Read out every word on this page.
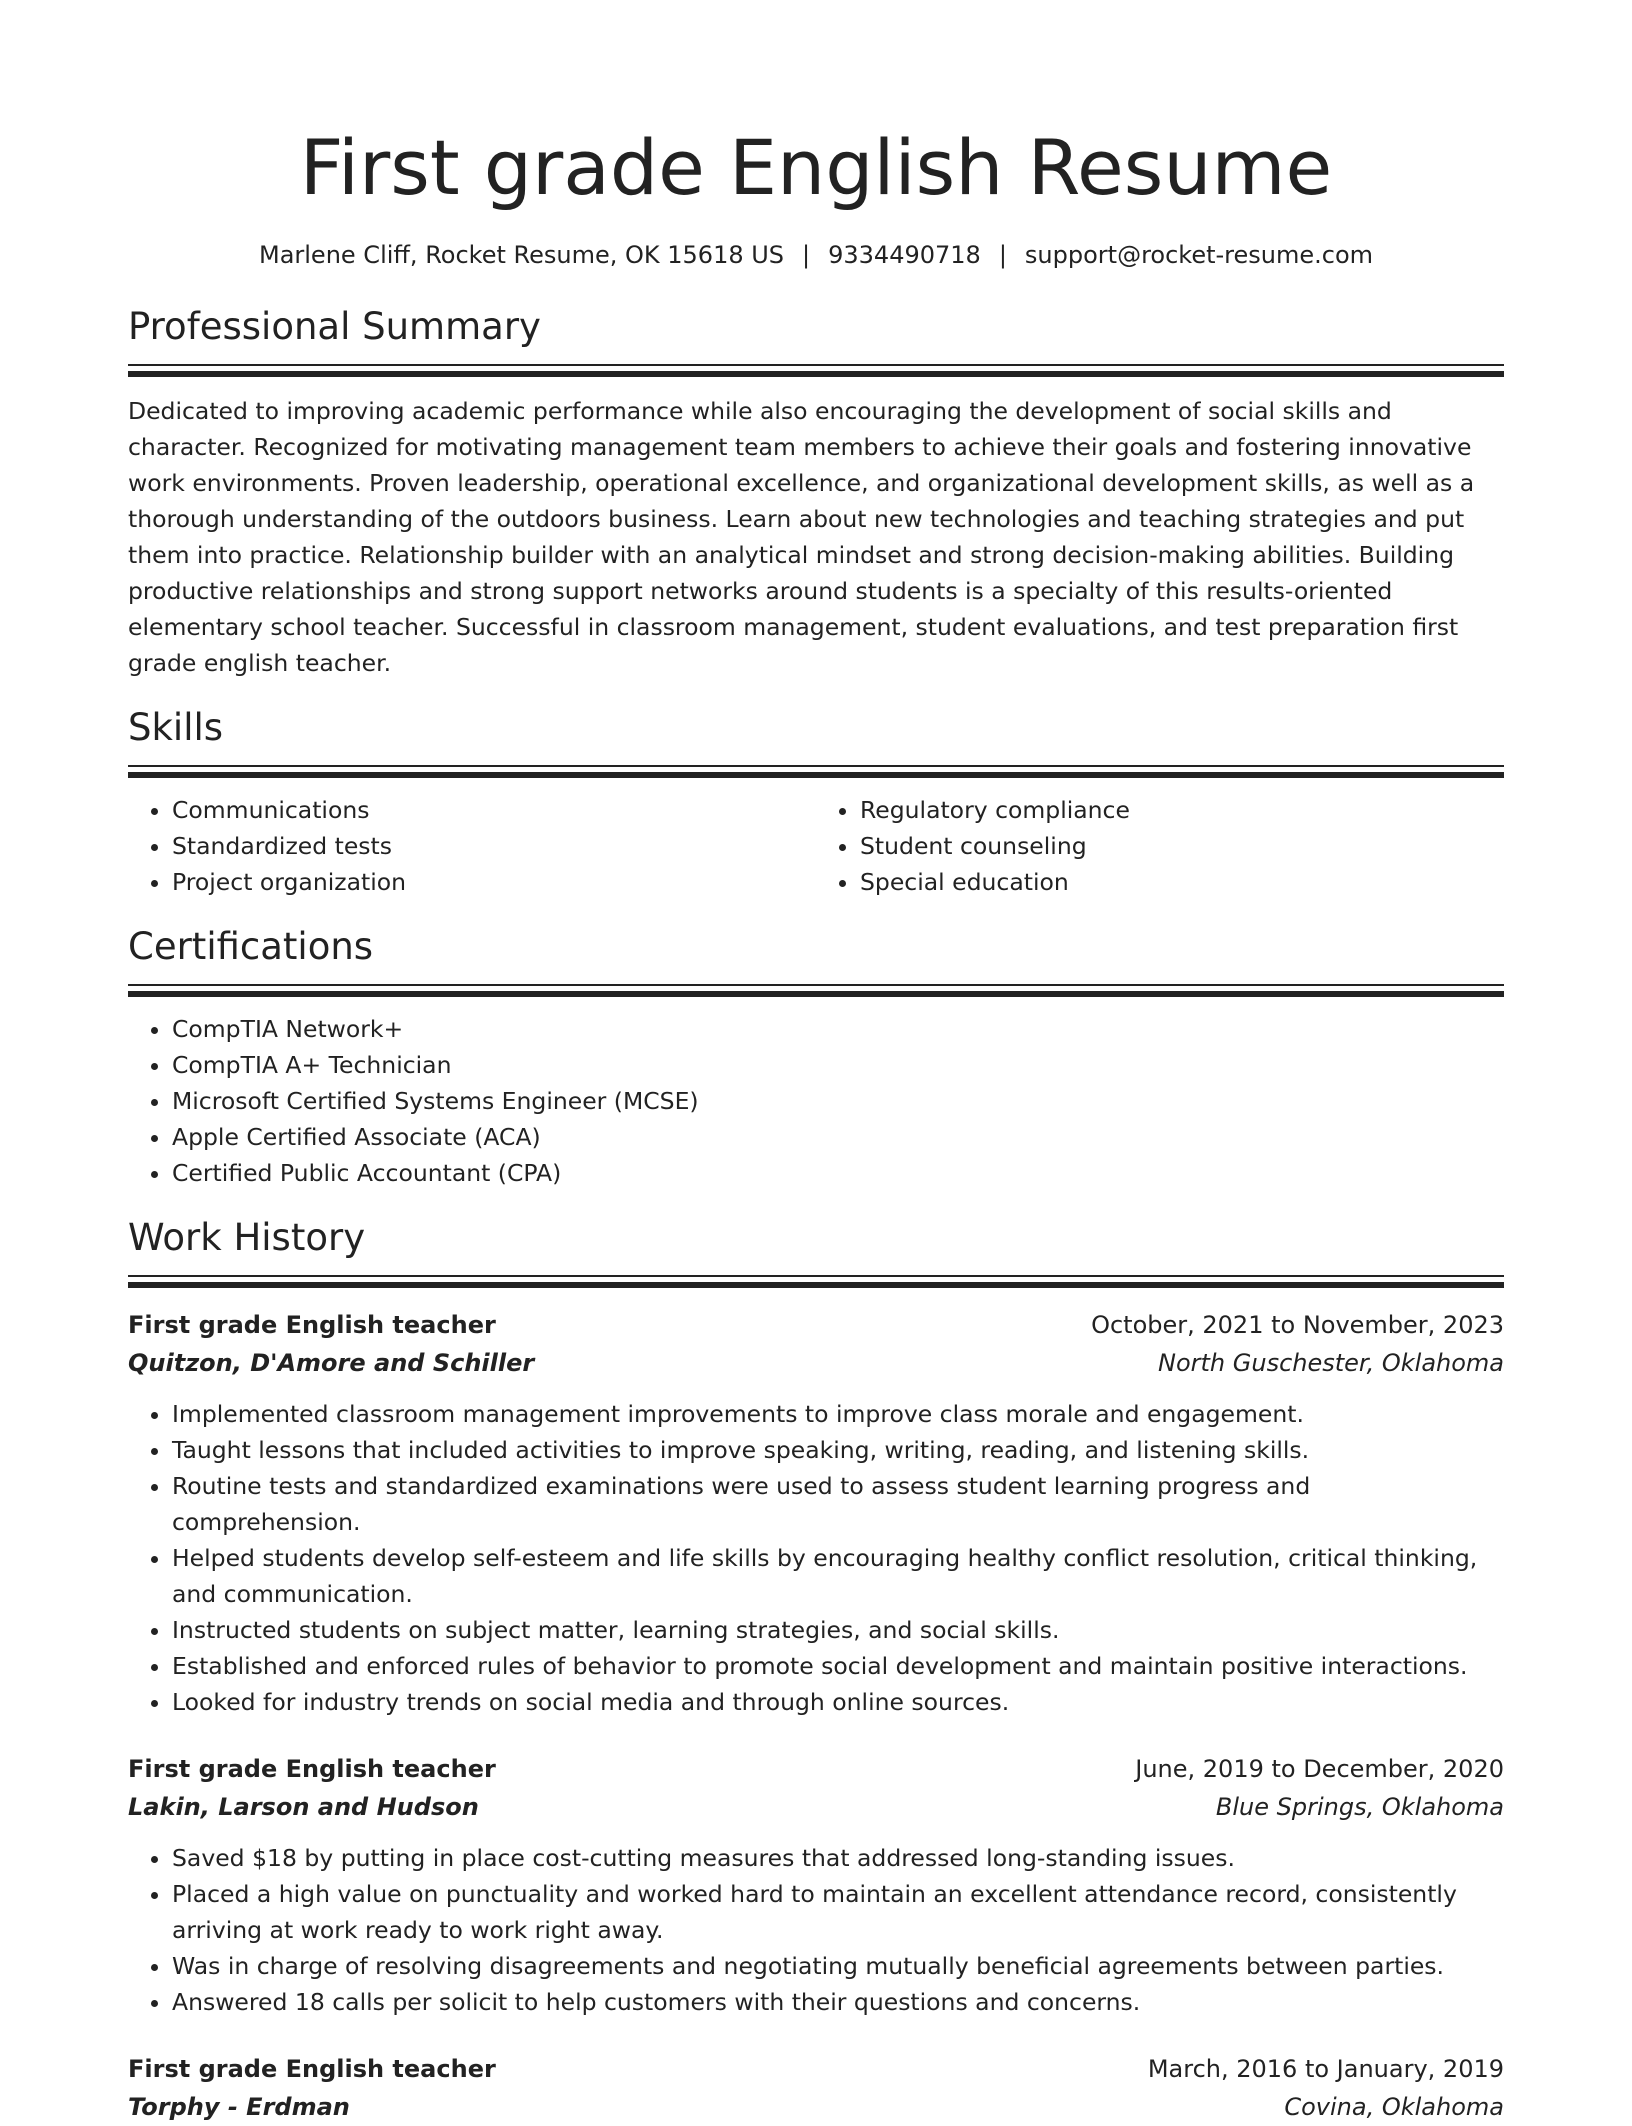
First grade English Resume
Marlene Cliff, Rocket Resume, OK 15618 US | 9334490718 | support@rocket-resume.com
Professional Summary

Dedicated to improving academic performance while also encouraging the development of social skills and character. Recognized for motivating management team members to achieve their goals and fostering innovative work environments. Proven leadership, operational excellence, and organizational development skills, as well as a thorough understanding of the outdoors business. Learn about new technologies and teaching strategies and put them into practice. Relationship builder with an analytical mindset and strong decision-making abilities. Building productive relationships and strong support networks around students is a specialty of this results-oriented elementary school teacher. Successful in classroom management, student evaluations, and test preparation first grade english teacher.

Skills
• Communications
• Standardized tests
• Project organization
• Regulatory compliance
• Student counseling
• Special education
Certifications
• CompTIA Network+
• CompTIA A+ Technician
• Microsoft Certified Systems Engineer (MCSE)
• Apple Certified Associate (ACA)
• Certified Public Accountant (CPA)
Work History
First grade English teacher	October, 2021 to November, 2023
Quitzon, D'Amore and Schiller	North Guschester, Oklahoma
• Implemented classroom management improvements to improve class morale and engagement.
• Taught lessons that included activities to improve speaking, writing, reading, and listening skills.
• Routine tests and standardized examinations were used to assess student learning progress and comprehension.
• Helped students develop self-esteem and life skills by encouraging healthy conflict resolution, critical thinking, and communication.
• Instructed students on subject matter, learning strategies, and social skills.
• Established and enforced rules of behavior to promote social development and maintain positive interactions.
• Looked for industry trends on social media and through online sources.
First grade English teacher	June, 2019 to December, 2020
Lakin, Larson and Hudson	Blue Springs, Oklahoma
• Saved $18 by putting in place cost-cutting measures that addressed long-standing issues.
• Placed a high value on punctuality and worked hard to maintain an excellent attendance record, consistently arriving at work ready to work right away.
• Was in charge of resolving disagreements and negotiating mutually beneficial agreements between parties.
• Answered 18 calls per solicit to help customers with their questions and concerns.
First grade English teacher	March, 2016 to January, 2019
Torphy - Erdman	Covina, Oklahoma
